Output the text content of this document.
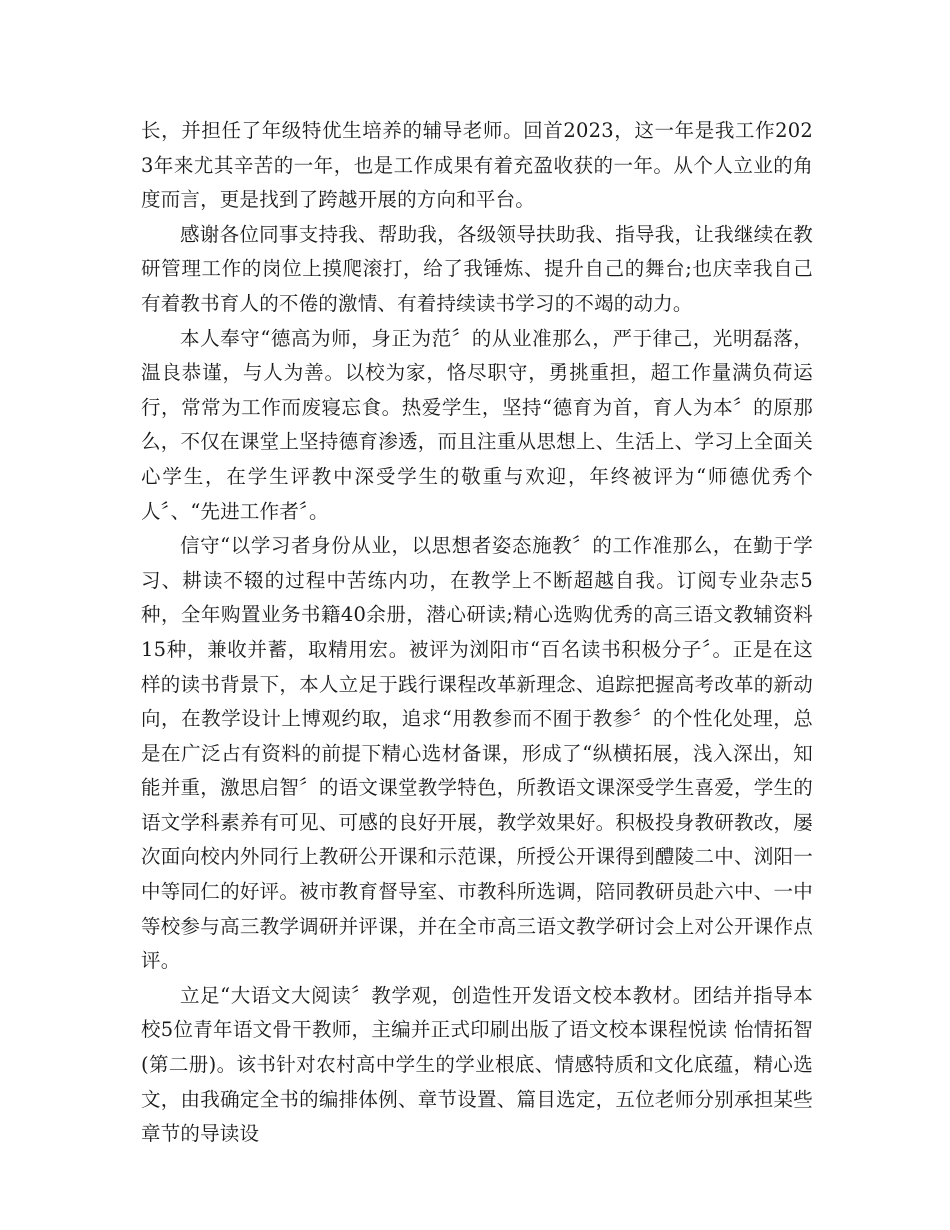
长，并担任了年级特优生培养的辅导老师。回首2023，这一年是我工作2023年来尤其辛苦的一年，也是工作成果有着充盈收获的一年。从个人立业的角度而言，更是找到了跨越开展的方向和平台。

感谢各位同事支持我、帮助我，各级领导扶助我、指导我，让我继续在教研管理工作的岗位上摸爬滚打，给了我锤炼、提升自己的舞台;也庆幸我自己有着教书育人的不倦的激情、有着持续读书学习的不竭的动力。

本人奉守“德高为师，身正为范〞的从业准那么，严于律己，光明磊落，温良恭谨，与人为善。以校为家，恪尽职守，勇挑重担，超工作量满负荷运行，常常为工作而废寝忘食。热爱学生，坚持“德育为首，育人为本〞的原那么，不仅在课堂上坚持德育渗透，而且注重从思想上、生活上、学习上全面关心学生，在学生评教中深受学生的敬重与欢迎，年终被评为“师德优秀个人〞、“先进工作者〞。

信守“以学习者身份从业，以思想者姿态施教〞的工作准那么，在勤于学习、耕读不辍的过程中苦练内功，在教学上不断超越自我。订阅专业杂志5种，全年购置业务书籍40余册，潜心研读;精心选购优秀的高三语文教辅资料15种，兼收并蓄，取精用宏。被评为浏阳市“百名读书积极分子〞。正是在这样的读书背景下，本人立足于践行课程改革新理念、追踪把握高考改革的新动向，在教学设计上博观约取，追求“用教参而不囿于教参〞的个性化处理，总是在广泛占有资料的前提下精心选材备课，形成了“纵横拓展，浅入深出，知能并重，激思启智〞的语文课堂教学特色，所教语文课深受学生喜爱，学生的语文学科素养有可见、可感的良好开展，教学效果好。积极投身教研教改，屡次面向校内外同行上教研公开课和示范课，所授公开课得到醴陵二中、浏阳一中等同仁的好评。被市教育督导室、市教科所选调，陪同教研员赴六中、一中等校参与高三教学调研并评课，并在全市高三语文教学研讨会上对公开课作点评。

立足“大语文大阅读〞教学观，创造性开发语文校本教材。团结并指导本校5位青年语文骨干教师，主编并正式印刷出版了语文校本课程悦读 怡情拓智(第二册)。该书针对农村高中学生的学业根底、情感特质和文化底蕴，精心选文，由我确定全书的编排体例、章节设置、篇目选定，五位老师分别承担某些章节的导读设
